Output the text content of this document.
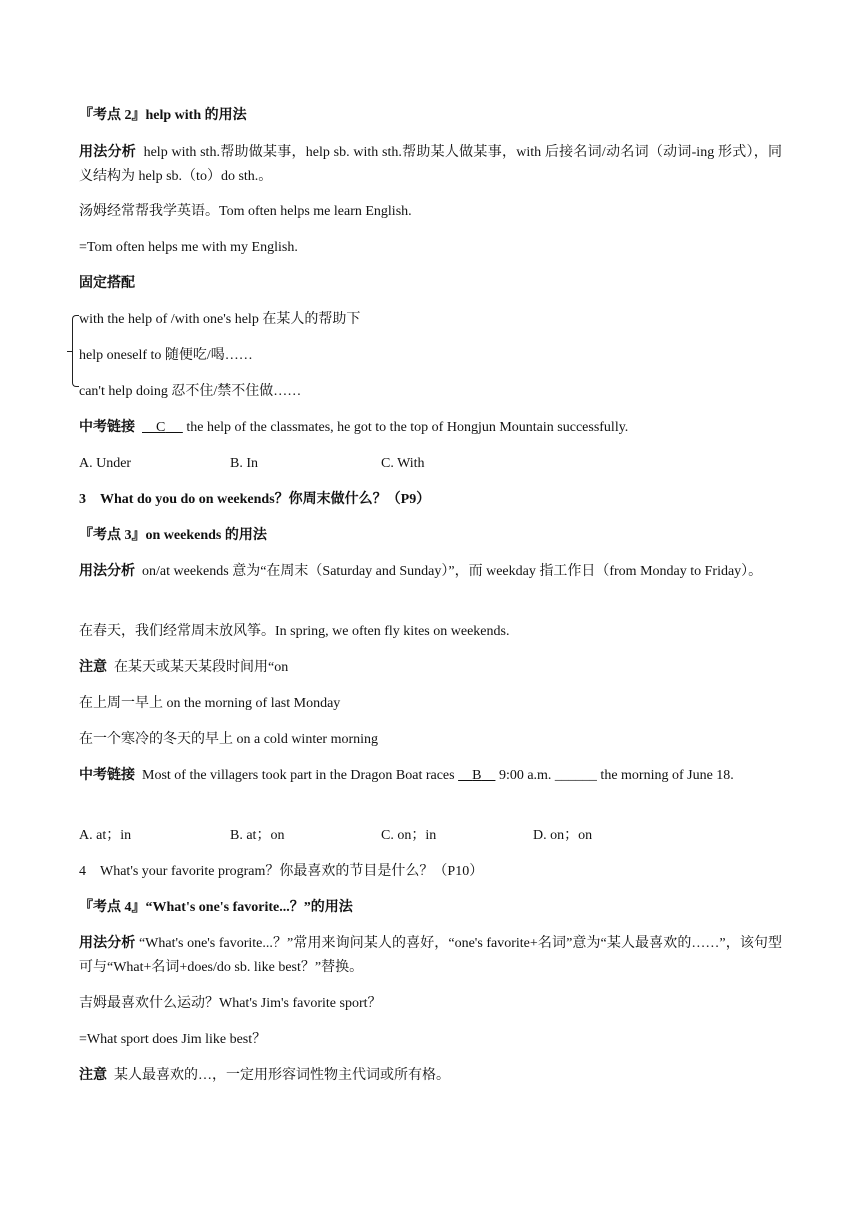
『考点 2』help with 的用法
用法分析 help with sth.帮助做某事，help sb. with sth.帮助某人做某事，with 后接名词/动名词（动词-ing 形式），同义结构为 help sb.（to）do sth.。
汤姆经常帮我学英语。Tom often helps me learn English.
=Tom often helps me with my English.
固定搭配
with the help of /with one's help 在某人的帮助下
help oneself to 随便吃/喝……
can't help doing 忍不住/禁不住做……
中考链接 C the help of the classmates, he got to the top of Hongjun Mountain successfully.
A. Under	B. In	C. With
3　What do you do on weekends？你周末做什么？（P9）
『考点 3』on weekends 的用法
用法分析 on/at weekends 意为“在周末（Saturday and Sunday）”，而 weekday 指工作日（from Monday to Friday）。
在春天，我们经常周末放风筝。In spring, we often fly kites on weekends.
注意 在某天或某天某段时间用“on
在上周一早上 on the morning of last Monday
在一个寒冷的冬天的早上 on a cold winter morning
中考链接 Most of the villagers took part in the Dragon Boat races B 9:00 a.m. ______ the morning of June 18.
A. at；in	B. at；on	C. on；in	D. on；on
4　What's your favorite program？你最喜欢的节目是什么？（P10）
『考点 4』“What's one's favorite...？”的用法
用法分析 “What's one's favorite...？”常用来询问某人的喜好，“one's favorite+名词”意为“某人最喜欢的……”，该句型可与“What+名词+does/do sb. like best？”替换。
吉姆最喜欢什么运动？What's Jim's favorite sport？
=What sport does Jim like best？
注意 某人最喜欢的…，一定用形容词性物主代词或所有格。
